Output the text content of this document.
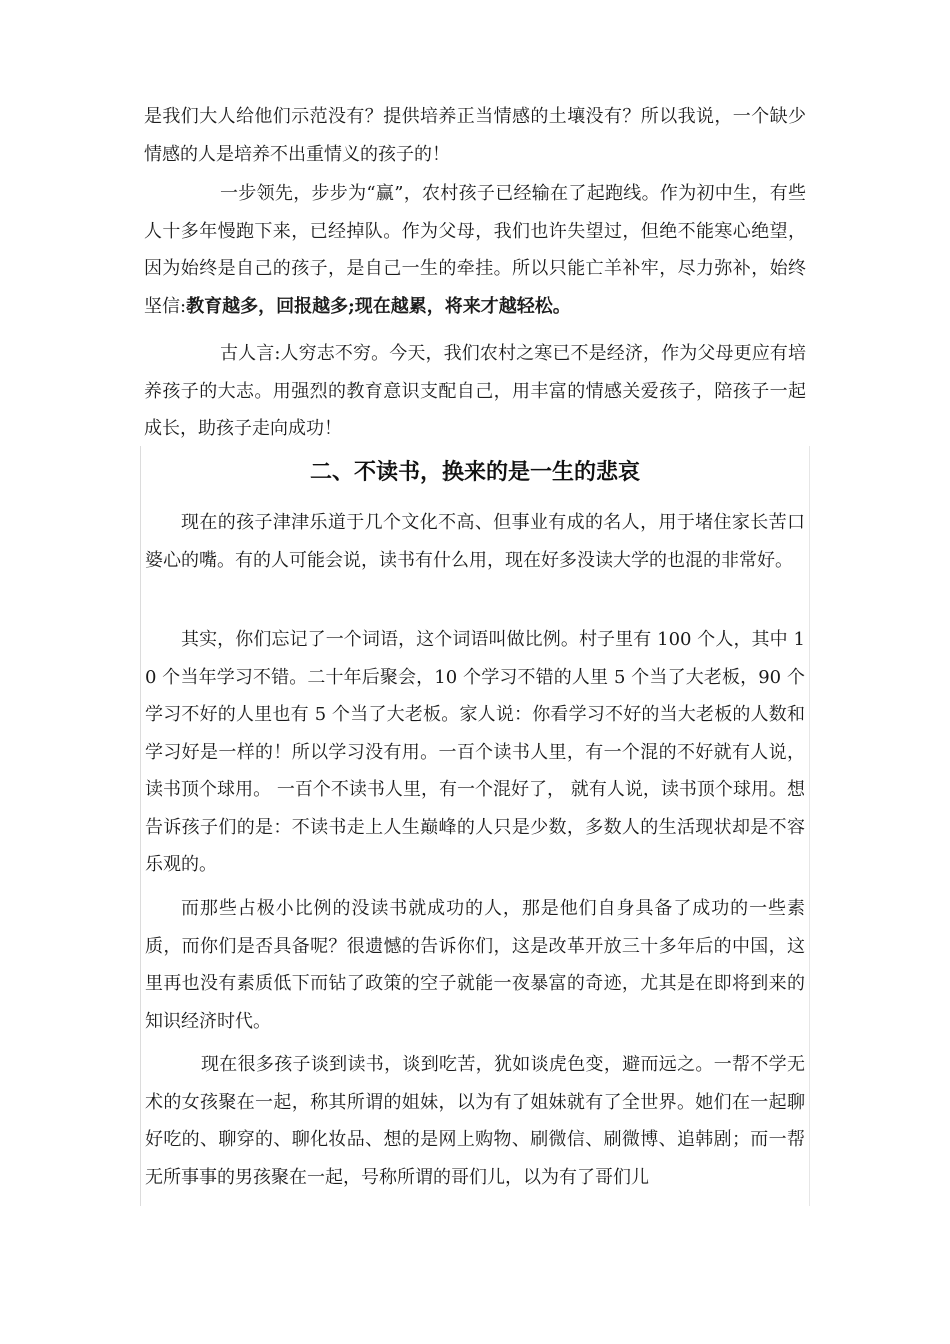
是我们大人给他们示范没有？提供培养正当情感的土壤没有？所以我说，一个缺少情感的人是培养不出重情义的孩子的！

一步领先，步步为“赢”，农村孩子已经输在了起跑线。作为初中生，有些人十多年慢跑下来，已经掉队。作为父母，我们也许失望过，但绝不能寒心绝望，因为始终是自己的孩子，是自己一生的牵挂。所以只能亡羊补牢，尽力弥补，始终坚信:教育越多，回报越多;现在越累，将来才越轻松。

古人言:人穷志不穷。今天，我们农村之寒已不是经济，作为父母更应有培养孩子的大志。用强烈的教育意识支配自己，用丰富的情感关爱孩子，陪孩子一起成长，助孩子走向成功！

二、不读书，换来的是一生的悲哀

现在的孩子津津乐道于几个文化不高、但事业有成的名人，用于堵住家长苦口婆心的嘴。有的人可能会说，读书有什么用，现在好多没读大学的也混的非常好。

其实，你们忘记了一个词语，这个词语叫做比例。村子里有 100 个人，其中 10 个当年学习不错。二十年后聚会，10 个学习不错的人里 5 个当了大老板，90 个学习不好的人里也有 5 个当了大老板。家人说：你看学习不好的当大老板的人数和学习好是一样的！所以学习没有用。一百个读书人里，有一个混的不好就有人说，读书顶个球用。 一百个不读书人里，有一个混好了， 就有人说，读书顶个球用。想告诉孩子们的是：不读书走上人生巅峰的人只是少数，多数人的生活现状却是不容乐观的。

而那些占极小比例的没读书就成功的人，那是他们自身具备了成功的一些素质，而你们是否具备呢？很遗憾的告诉你们，这是改革开放三十多年后的中国，这里再也没有素质低下而钻了政策的空子就能一夜暴富的奇迹，尤其是在即将到来的知识经济时代。

现在很多孩子谈到读书，谈到吃苦，犹如谈虎色变，避而远之。一帮不学无术的女孩聚在一起，称其所谓的姐妹，以为有了姐妹就有了全世界。她们在一起聊好吃的、聊穿的、聊化妆品、想的是网上购物、刷微信、刷微博、追韩剧；而一帮无所事事的男孩聚在一起，号称所谓的哥们儿，以为有了哥们儿
